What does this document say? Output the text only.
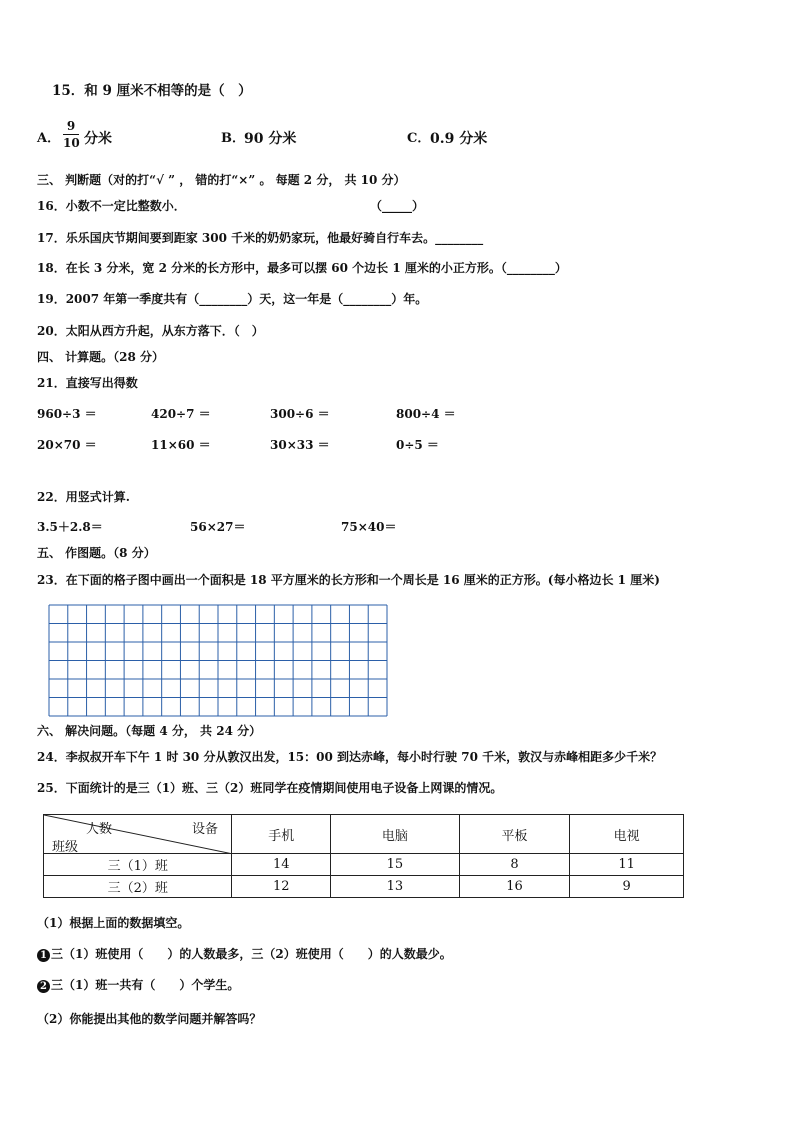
15．和 9 厘米不相等的是（　）
A．
9
10 分米	B． 90 分米	C． 0.9 分米
三、 判断题（对的打“√ ” ， 错的打“×” 。 每题 2 分， 共 10 分）
16．小数不一定比整数小．	（_____）
17．乐乐国庆节期间要到距家 300 千米的奶奶家玩，他最好骑自行车去。________
18．在长 3 分米，宽 2 分米的长方形中，最多可以摆 60 个边长 1 厘米的小正方形。（________）
19．2007 年第一季度共有（________）天，这一年是（________）年。
20．太阳从西方升起，从东方落下．（　）
四、 计算题。（28 分）
21．直接写出得数
960÷3 ＝	420÷7 ＝	300÷6 ＝	800÷4 ＝
20×70 ＝	11×60 ＝	30×33 ＝	0÷5 ＝
22．用竖式计算.
3.5＋2.8＝	56×27＝	75×40＝
五、 作图题。（8 分）
23．在下面的格子图中画出一个面积是 18 平方厘米的长方形和一个周长是 16 厘米的正方形。(每小格边长 1 厘米)
六、 解决问题。（每题 4 分， 共 24 分）
24．李叔叔开车下午 1 时 30 分从敦汉出发，15：00 到达赤峰，每小时行驶 70 千米，敦汉与赤峰相距多少千米？
25．下面统计的是三（1）班、三（2）班同学在疫情期间使用电子设备上网课的情况。
人数 设备
班级	手机	电脑	平板	电视
三（1）班	14	15	8	11
三（2）班	12	13	16	9
（1）根据上面的数据填空。
1 三（1）班使用（　　）的人数最多，三（2）班使用（　　）的人数最少。
2 三（1）班一共有（　　）个学生。
（2）你能提出其他的数学问题并解答吗？
